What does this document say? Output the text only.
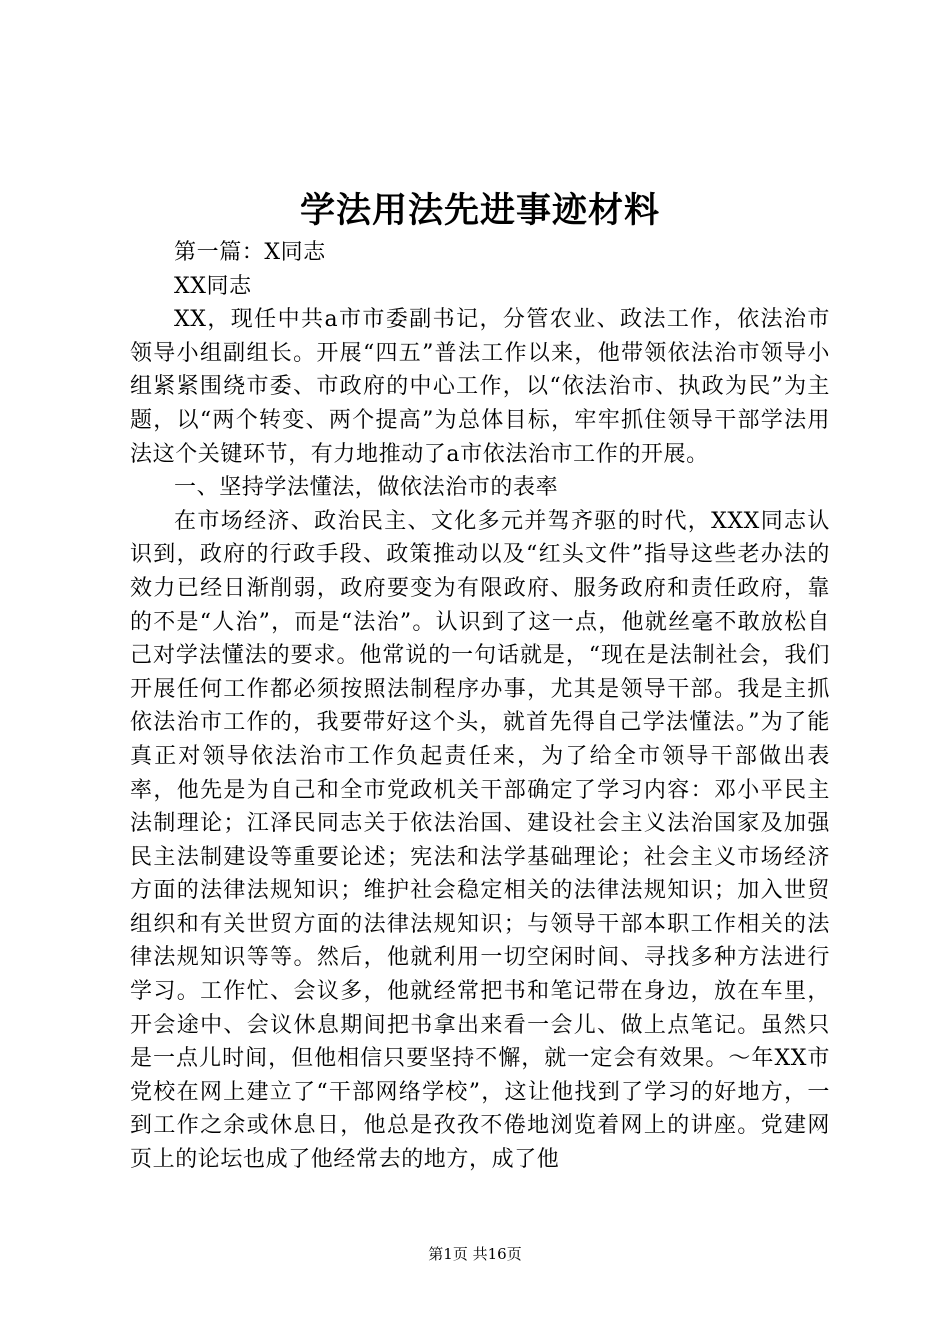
学法用法先进事迹材料

第一篇：X同志

XX同志

XX，现任中共a市市委副书记，分管农业、政法工作，依法治市领导小组副组长。开展“四五”普法工作以来，他带领依法治市领导小组紧紧围绕市委、市政府的中心工作，以“依法治市、执政为民”为主题，以“两个转变、两个提高”为总体目标，牢牢抓住领导干部学法用法这个关键环节，有力地推动了a市依法治市工作的开展。

一、坚持学法懂法，做依法治市的表率

在市场经济、政治民主、文化多元并驾齐驱的时代，XXX同志认识到，政府的行政手段、政策推动以及“红头文件”指导这些老办法的效力已经日渐削弱，政府要变为有限政府、服务政府和责任政府，靠的不是“人治”，而是“法治”。认识到了这一点，他就丝毫不敢放松自己对学法懂法的要求。他常说的一句话就是，“现在是法制社会，我们开展任何工作都必须按照法制程序办事，尤其是领导干部。我是主抓依法治市工作的，我要带好这个头，就首先得自己学法懂法。”为了能真正对领导依法治市工作负起责任来，为了给全市领导干部做出表率，他先是为自己和全市党政机关干部确定了学习内容：邓小平民主法制理论；江泽民同志关于依法治国、建设社会主义法治国家及加强民主法制建设等重要论述；宪法和法学基础理论；社会主义市场经济方面的法律法规知识；维护社会稳定相关的法律法规知识；加入世贸组织和有关世贸方面的法律法规知识；与领导干部本职工作相关的法律法规知识等等。然后，他就利用一切空闲时间、寻找多种方法进行学习。工作忙、会议多，他就经常把书和笔记带在身边，放在车里，开会途中、会议休息期间把书拿出来看一会儿、做上点笔记。虽然只是一点儿时间，但他相信只要坚持不懈，就一定会有效果。～年XX市党校在网上建立了“干部网络学校”，这让他找到了学习的好地方，一到工作之余或休息日，他总是孜孜不倦地浏览着网上的讲座。党建网页上的论坛也成了他经常去的地方，成了他

第1页 共16页
